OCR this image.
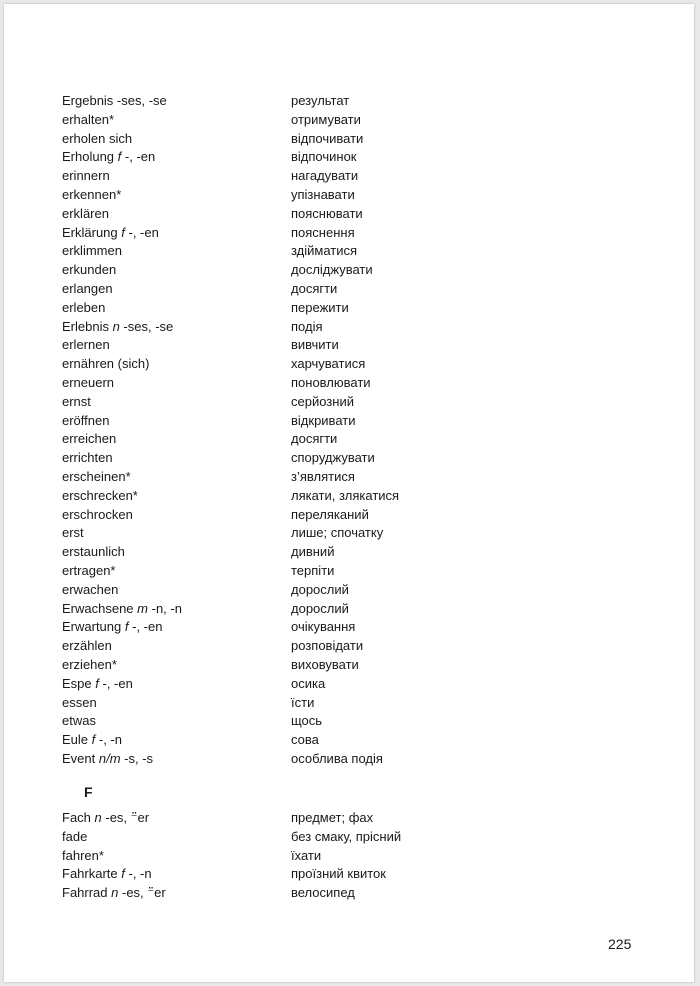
Ergebnis -ses, -se	результат
erhalten*	отримувати
erholen sich	відпочивати
Erholung f -, -en	відпочинок
erinnern	нагадувати
erkennen*	упізнавати
erklären	пояснювати
Erklärung f -, -en	пояснення
erklimmen	здійматися
erkunden	досліджувати
erlangen	досягти
erleben	пережити
Erlebnis n -ses, -se	подія
erlernen	вивчити
ernähren (sich)	харчуватися
erneuern	поновлювати
ernst	серйозний
eröffnen	відкривати
erreichen	досягти
errichten	споруджувати
erscheinen*	з’являтися
erschrecken*	лякати, злякатися
erschrocken	переляканий
erst	лише; спочатку
erstaunlich	дивний
ertragen*	терпіти
erwachen	дорослий
Erwachsene m -n, -n	дорослий
Erwartung f -, -en	очікування
erzählen	розповідати
erziehen*	виховувати
Espe f -, -en	осика
essen	їсти
etwas	щось
Eule f -, -n	сова
Event n/m -s, -s	особлива подія
F
Fach n -es, ⁻̈er	предмет; фах
fade	без смаку, прісний
fahren*	їхати
Fahrkarte f -, -n	проїзний квиток
Fahrrad n -es, ⁻̈er	велосипед
225
